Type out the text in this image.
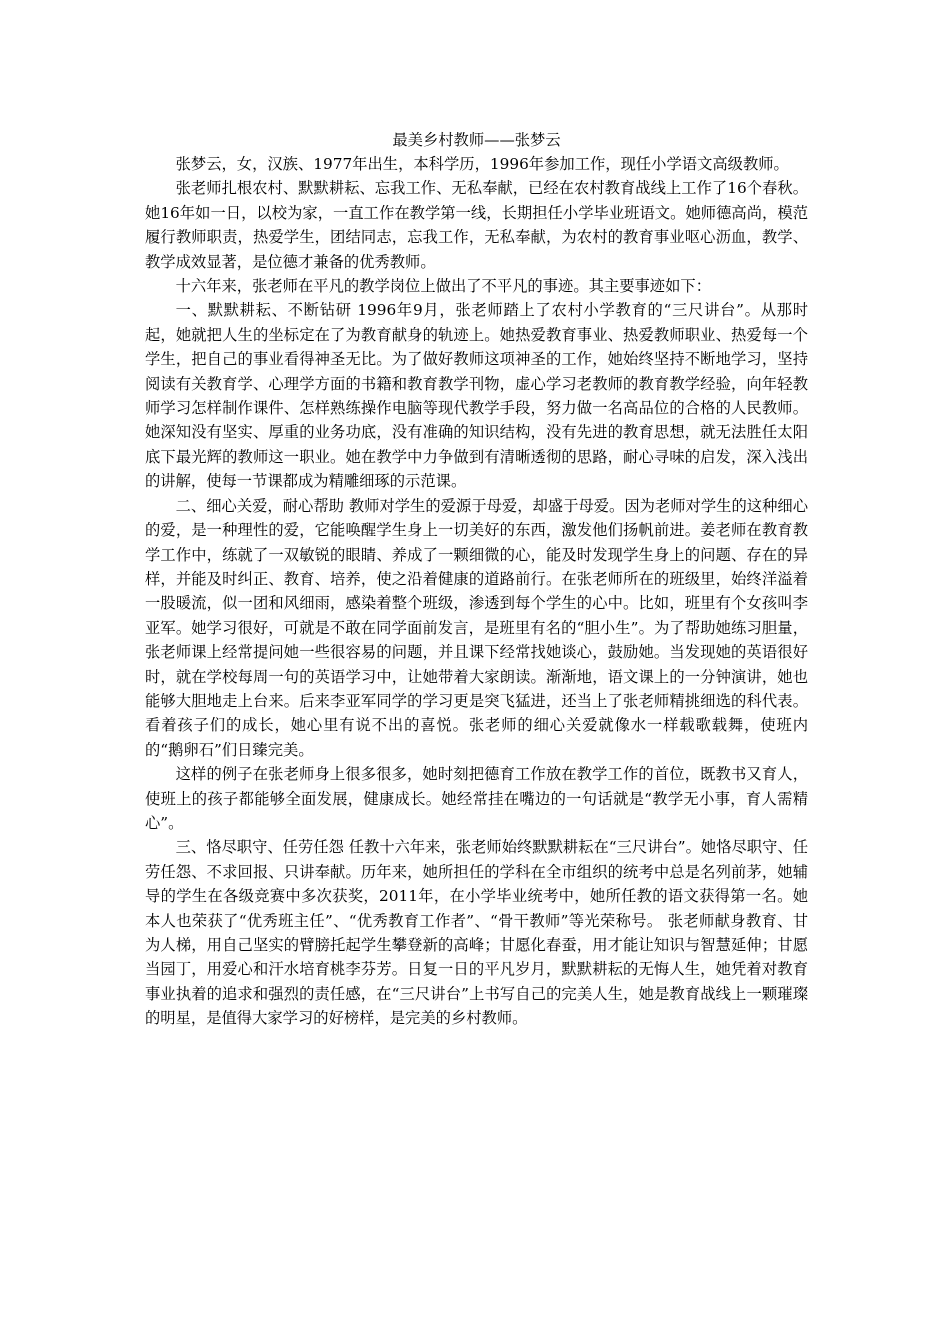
最美乡村教师——张梦云

张梦云，女，汉族、1977年出生，本科学历，1996年参加工作，现任小学语文高级教师。

张老师扎根农村、默默耕耘、忘我工作、无私奉献，已经在农村教育战线上工作了16个春秋。她16年如一日，以校为家，一直工作在教学第一线，长期担任小学毕业班语文。她师德高尚，模范履行教师职责，热爱学生，团结同志，忘我工作，无私奉献，为农村的教育事业呕心沥血，教学、教学成效显著，是位德才兼备的优秀教师。

十六年来，张老师在平凡的教学岗位上做出了不平凡的事迹。其主要事迹如下：

一、默默耕耘、不断钻研 1996年9月，张老师踏上了农村小学教育的“三尺讲台”。从那时起，她就把人生的坐标定在了为教育献身的轨迹上。她热爱教育事业、热爱教师职业、热爱每一个学生，把自己的事业看得神圣无比。为了做好教师这项神圣的工作，她始终坚持不断地学习，坚持阅读有关教育学、心理学方面的书籍和教育教学刊物，虚心学习老教师的教育教学经验，向年轻教师学习怎样制作课件、怎样熟练操作电脑等现代教学手段，努力做一名高品位的合格的人民教师。她深知没有坚实、厚重的业务功底，没有准确的知识结构，没有先进的教育思想，就无法胜任太阳底下最光辉的教师这一职业。她在教学中力争做到有清晰透彻的思路，耐心寻味的启发，深入浅出的讲解，使每一节课都成为精雕细琢的示范课。

二、细心关爱，耐心帮助 教师对学生的爱源于母爱，却盛于母爱。因为老师对学生的这种细心的爱，是一种理性的爱，它能唤醒学生身上一切美好的东西，激发他们扬帆前进。姜老师在教育教学工作中，练就了一双敏锐的眼睛、养成了一颗细微的心，能及时发现学生身上的问题、存在的异样，并能及时纠正、教育、培养，使之沿着健康的道路前行。在张老师所在的班级里，始终洋溢着一股暖流，似一团和风细雨，感染着整个班级，渗透到每个学生的心中。比如，班里有个女孩叫李亚军。她学习很好，可就是不敢在同学面前发言，是班里有名的“胆小生”。为了帮助她练习胆量，张老师课上经常提问她一些很容易的问题，并且课下经常找她谈心，鼓励她。当发现她的英语很好时，就在学校每周一句的英语学习中，让她带着大家朗读。渐渐地，语文课上的一分钟演讲，她也能够大胆地走上台来。后来李亚军同学的学习更是突飞猛进，还当上了张老师精挑细选的科代表。看着孩子们的成长，她心里有说不出的喜悦。张老师的细心关爱就像水一样载歌载舞，使班内的“鹅卵石”们日臻完美。

这样的例子在张老师身上很多很多，她时刻把德育工作放在教学工作的首位，既教书又育人，使班上的孩子都能够全面发展，健康成长。她经常挂在嘴边的一句话就是“教学无小事，育人需精心”。

三、恪尽职守、任劳任怨 任教十六年来，张老师始终默默耕耘在“三尺讲台”。她恪尽职守、任劳任怨、不求回报、只讲奉献。历年来，她所担任的学科在全市组织的统考中总是名列前茅，她辅导的学生在各级竞赛中多次获奖，2011年，在小学毕业统考中，她所任教的语文获得第一名。她本人也荣获了“优秀班主任”、“优秀教育工作者”、“骨干教师”等光荣称号。 张老师献身教育、甘为人梯，用自己坚实的臂膀托起学生攀登新的高峰；甘愿化春蚕，用才能让知识与智慧延伸；甘愿当园丁，用爱心和汗水培育桃李芬芳。日复一日的平凡岁月，默默耕耘的无悔人生，她凭着对教育事业执着的追求和强烈的责任感，在“三尺讲台”上书写自己的完美人生，她是教育战线上一颗璀璨的明星，是值得大家学习的好榜样，是完美的乡村教师。
